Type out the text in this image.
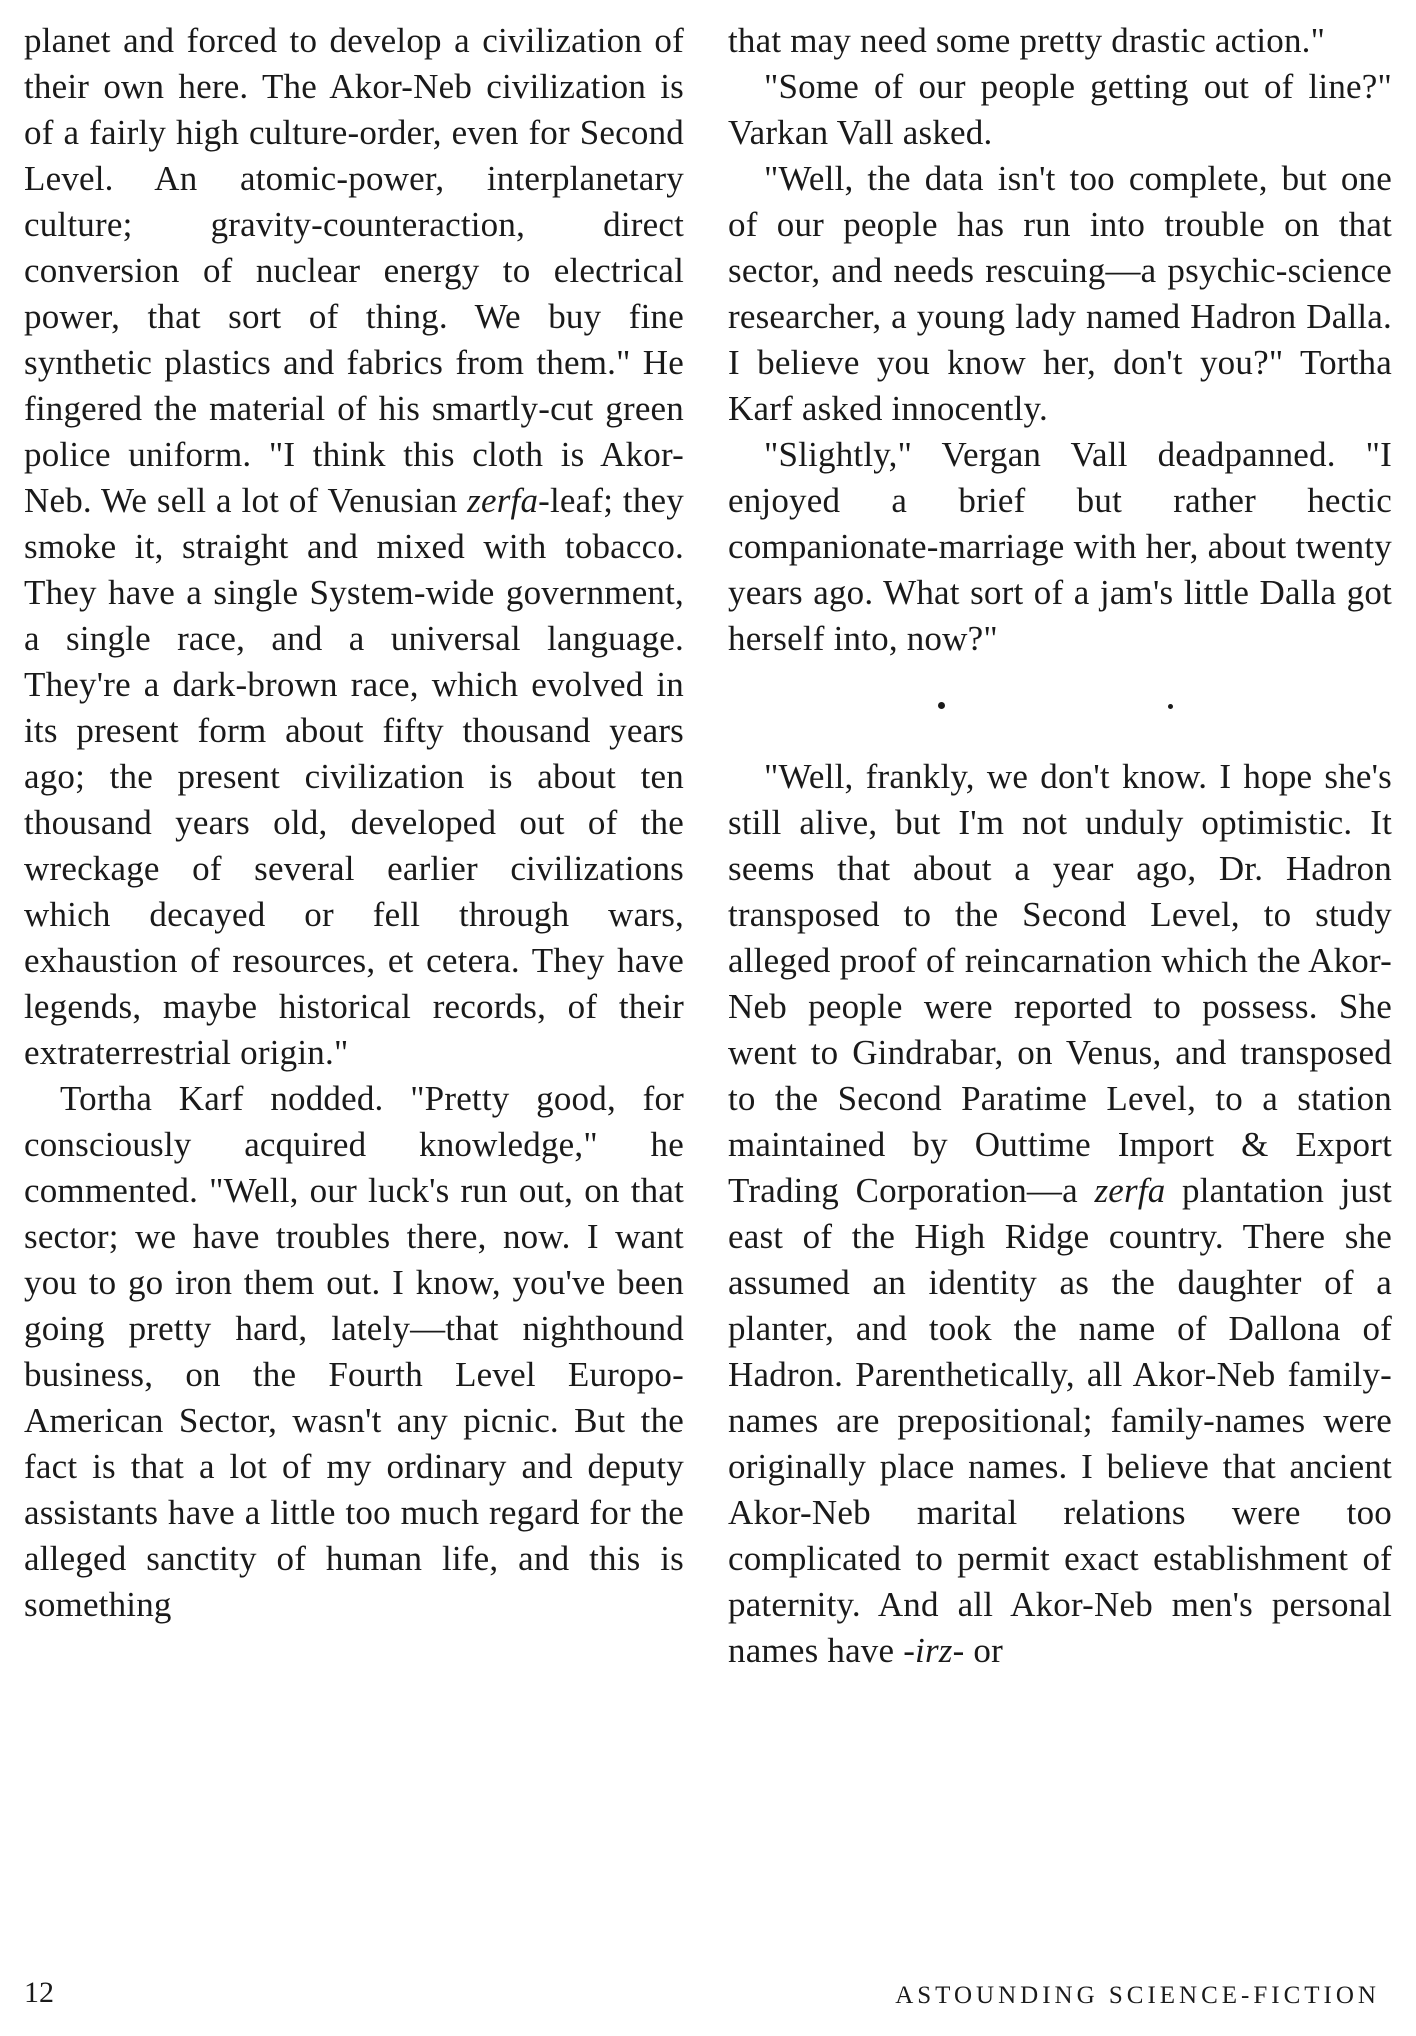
planet and forced to develop a civilization of their own here. The Akor-Neb civilization is of a fairly high culture-order, even for Second Level. An atomic-power, interplanetary culture; gravity-counteraction, direct conversion of nuclear energy to electrical power, that sort of thing. We buy fine synthetic plastics and fabrics from them." He fingered the material of his smartly-cut green police uniform. "I think this cloth is Akor-Neb. We sell a lot of Venusian zerfa-leaf; they smoke it, straight and mixed with tobacco. They have a single System-wide government, a single race, and a universal language. They're a dark-brown race, which evolved in its present form about fifty thousand years ago; the present civilization is about ten thousand years old, developed out of the wreckage of several earlier civilizations which decayed or fell through wars, exhaustion of resources, et cetera. They have legends, maybe historical records, of their extraterrestrial origin."

Tortha Karf nodded. "Pretty good, for consciously acquired knowledge," he commented. "Well, our luck's run out, on that sector; we have troubles there, now. I want you to go iron them out. I know, you've been going pretty hard, lately—that nighthound business, on the Fourth Level Europo-American Sector, wasn't any picnic. But the fact is that a lot of my ordinary and deputy assistants have a little too much regard for the alleged sanctity of human life, and this is something

that may need some pretty drastic action."

"Some of our people getting out of line?" Varkan Vall asked.

"Well, the data isn't too complete, but one of our people has run into trouble on that sector, and needs rescuing—a psychic-science researcher, a young lady named Hadron Dalla. I believe you know her, don't you?" Tortha Karf asked innocently.

"Slightly," Vergan Vall deadpanned. "I enjoyed a brief but rather hectic companionate-marriage with her, about twenty years ago. What sort of a jam's little Dalla got herself into, now?"

"Well, frankly, we don't know. I hope she's still alive, but I'm not unduly optimistic. It seems that about a year ago, Dr. Hadron transposed to the Second Level, to study alleged proof of reincarnation which the Akor-Neb people were reported to possess. She went to Gindrabar, on Venus, and transposed to the Second Paratime Level, to a station maintained by Outtime Import & Export Trading Corporation—a zerfa plantation just east of the High Ridge country. There she assumed an identity as the daughter of a planter, and took the name of Dallona of Hadron. Parenthetically, all Akor-Neb family-names are prepositional; family-names were originally place names. I believe that ancient Akor-Neb marital relations were too complicated to permit exact establishment of paternity. And all Akor-Neb men's personal names have -irz- or

12	ASTOUNDING SCIENCE-FICTION
